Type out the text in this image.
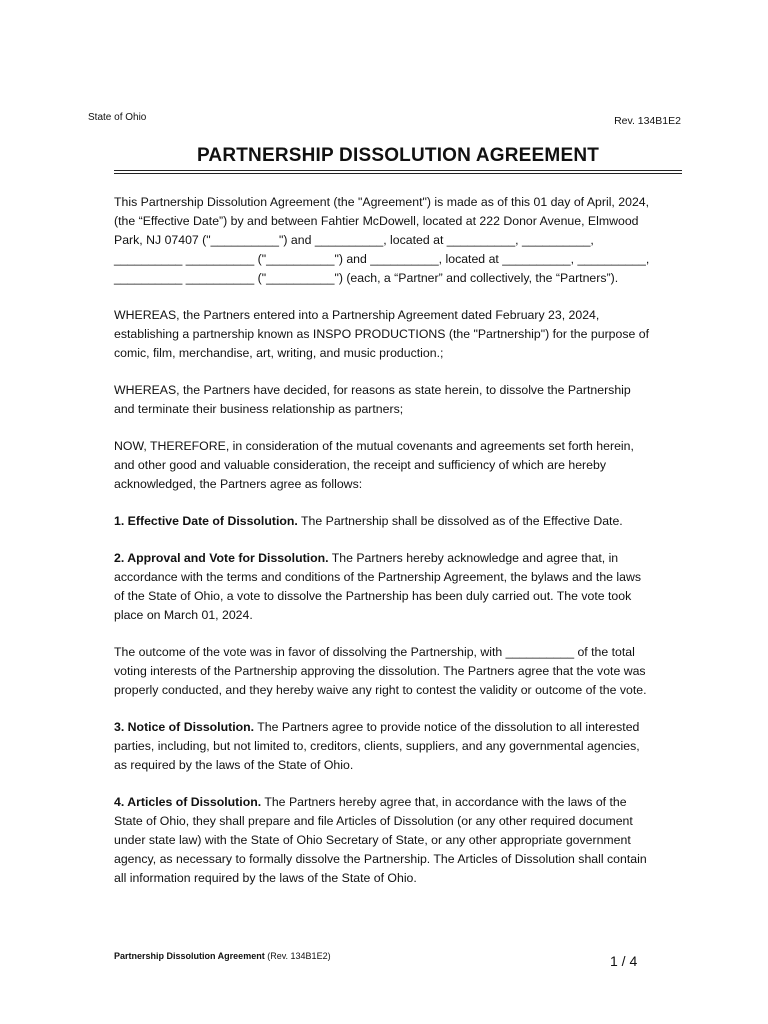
State of Ohio	Rev. 134B1E2
PARTNERSHIP DISSOLUTION AGREEMENT

This Partnership Dissolution Agreement (the "Agreement") is made as of this 01 day of April, 2024, (the “Effective Date”) by and between Fahtier McDowell, located at 222 Donor Avenue, Elmwood Park, NJ 07407 ("__________") and __________, located at __________, __________, __________ __________ ("__________") and __________, located at __________, __________, __________ __________ ("__________") (each, a “Partner” and collectively, the “Partners”).

WHEREAS, the Partners entered into a Partnership Agreement dated February 23, 2024, establishing a partnership known as INSPO PRODUCTIONS (the "Partnership") for the purpose of comic, film, merchandise, art, writing, and music production.;

WHEREAS, the Partners have decided, for reasons as state herein, to dissolve the Partnership and terminate their business relationship as partners;

NOW, THEREFORE, in consideration of the mutual covenants and agreements set forth herein, and other good and valuable consideration, the receipt and sufficiency of which are hereby acknowledged, the Partners agree as follows:

1. Effective Date of Dissolution. The Partnership shall be dissolved as of the Effective Date.

2. Approval and Vote for Dissolution. The Partners hereby acknowledge and agree that, in accordance with the terms and conditions of the Partnership Agreement, the bylaws and the laws of the State of Ohio, a vote to dissolve the Partnership has been duly carried out. The vote took place on March 01, 2024.

The outcome of the vote was in favor of dissolving the Partnership, with __________ of the total voting interests of the Partnership approving the dissolution. The Partners agree that the vote was properly conducted, and they hereby waive any right to contest the validity or outcome of the vote.

3. Notice of Dissolution. The Partners agree to provide notice of the dissolution to all interested parties, including, but not limited to, creditors, clients, suppliers, and any governmental agencies, as required by the laws of the State of Ohio.

4. Articles of Dissolution. The Partners hereby agree that, in accordance with the laws of the State of Ohio, they shall prepare and file Articles of Dissolution (or any other required document under state law) with the State of Ohio Secretary of State, or any other appropriate government agency, as necessary to formally dissolve the Partnership. The Articles of Dissolution shall contain all information required by the laws of the State of Ohio.

Partnership Dissolution Agreement (Rev. 134B1E2)	1 / 4
